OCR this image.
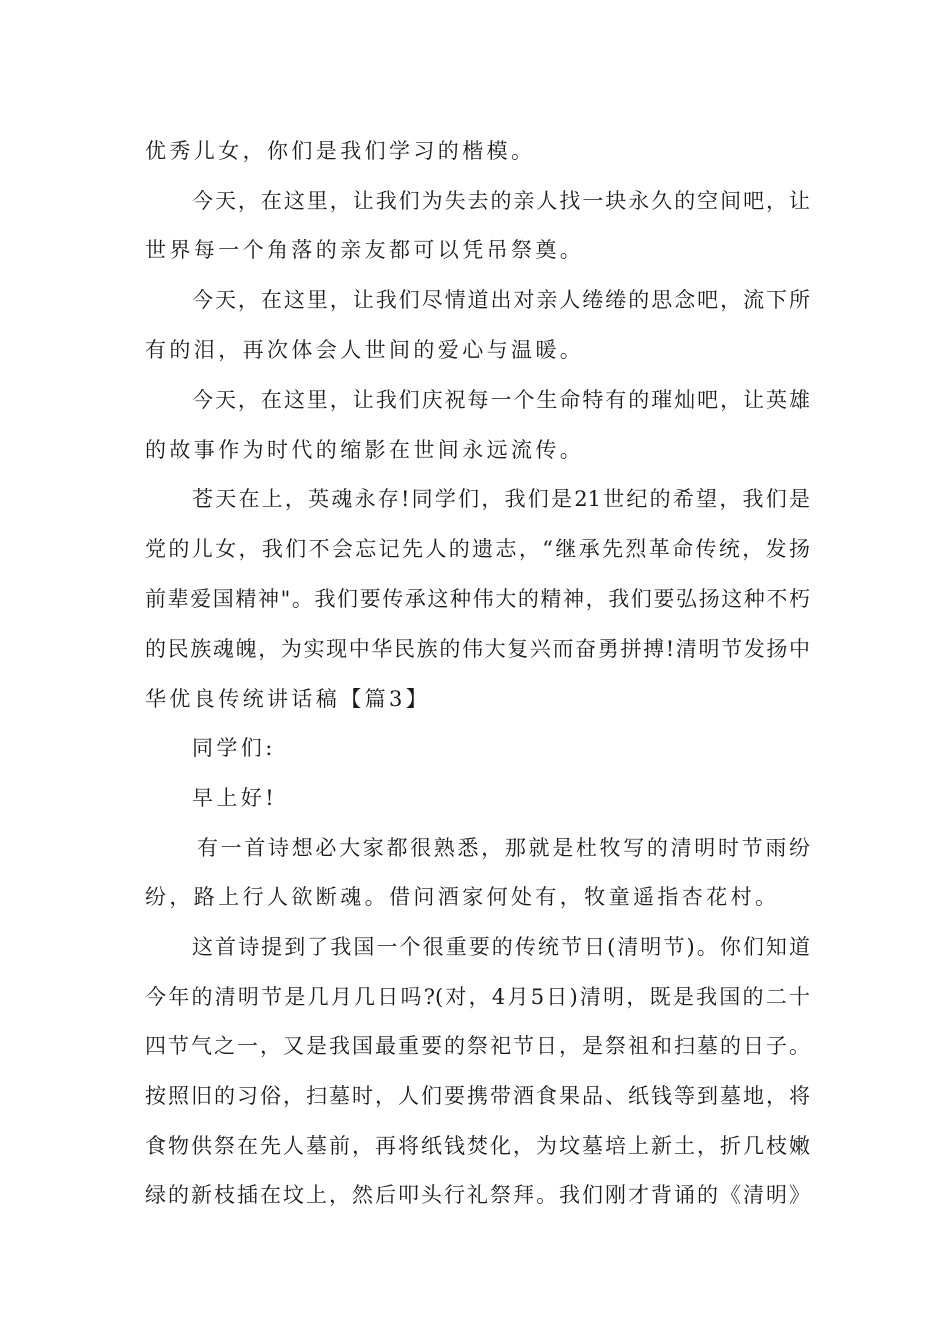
优秀儿女，你们是我们学习的楷模。
今天，在这里，让我们为失去的亲人找一块永久的空间吧，让
世界每一个角落的亲友都可以凭吊祭奠。
今天，在这里，让我们尽情道出对亲人绻绻的思念吧，流下所
有的泪，再次体会人世间的爱心与温暖。
今天，在这里，让我们庆祝每一个生命特有的璀灿吧，让英雄
的故事作为时代的缩影在世间永远流传。
苍天在上，英魂永存!同学们，我们是21世纪的希望，我们是
党的儿女，我们不会忘记先人的遗志，“继承先烈革命传统，发扬
前辈爱国精神"。我们要传承这种伟大的精神，我们要弘扬这种不朽
的民族魂魄，为实现中华民族的伟大复兴而奋勇拼搏!清明节发扬中
华优良传统讲话稿【篇3】
同学们:
早上好!
有一首诗想必大家都很熟悉，那就是杜牧写的清明时节雨纷
纷，路上行人欲断魂。借问酒家何处有，牧童遥指杏花村。
这首诗提到了我国一个很重要的传统节日(清明节)。你们知道
今年的清明节是几月几日吗?(对，4月5日)清明，既是我国的二十
四节气之一，又是我国最重要的祭祀节日，是祭祖和扫墓的日子。
按照旧的习俗，扫墓时，人们要携带酒食果品、纸钱等到墓地，将
食物供祭在先人墓前，再将纸钱焚化，为坟墓培上新土，折几枝嫩
绿的新枝插在坟上，然后叩头行礼祭拜。我们刚才背诵的《清明》
